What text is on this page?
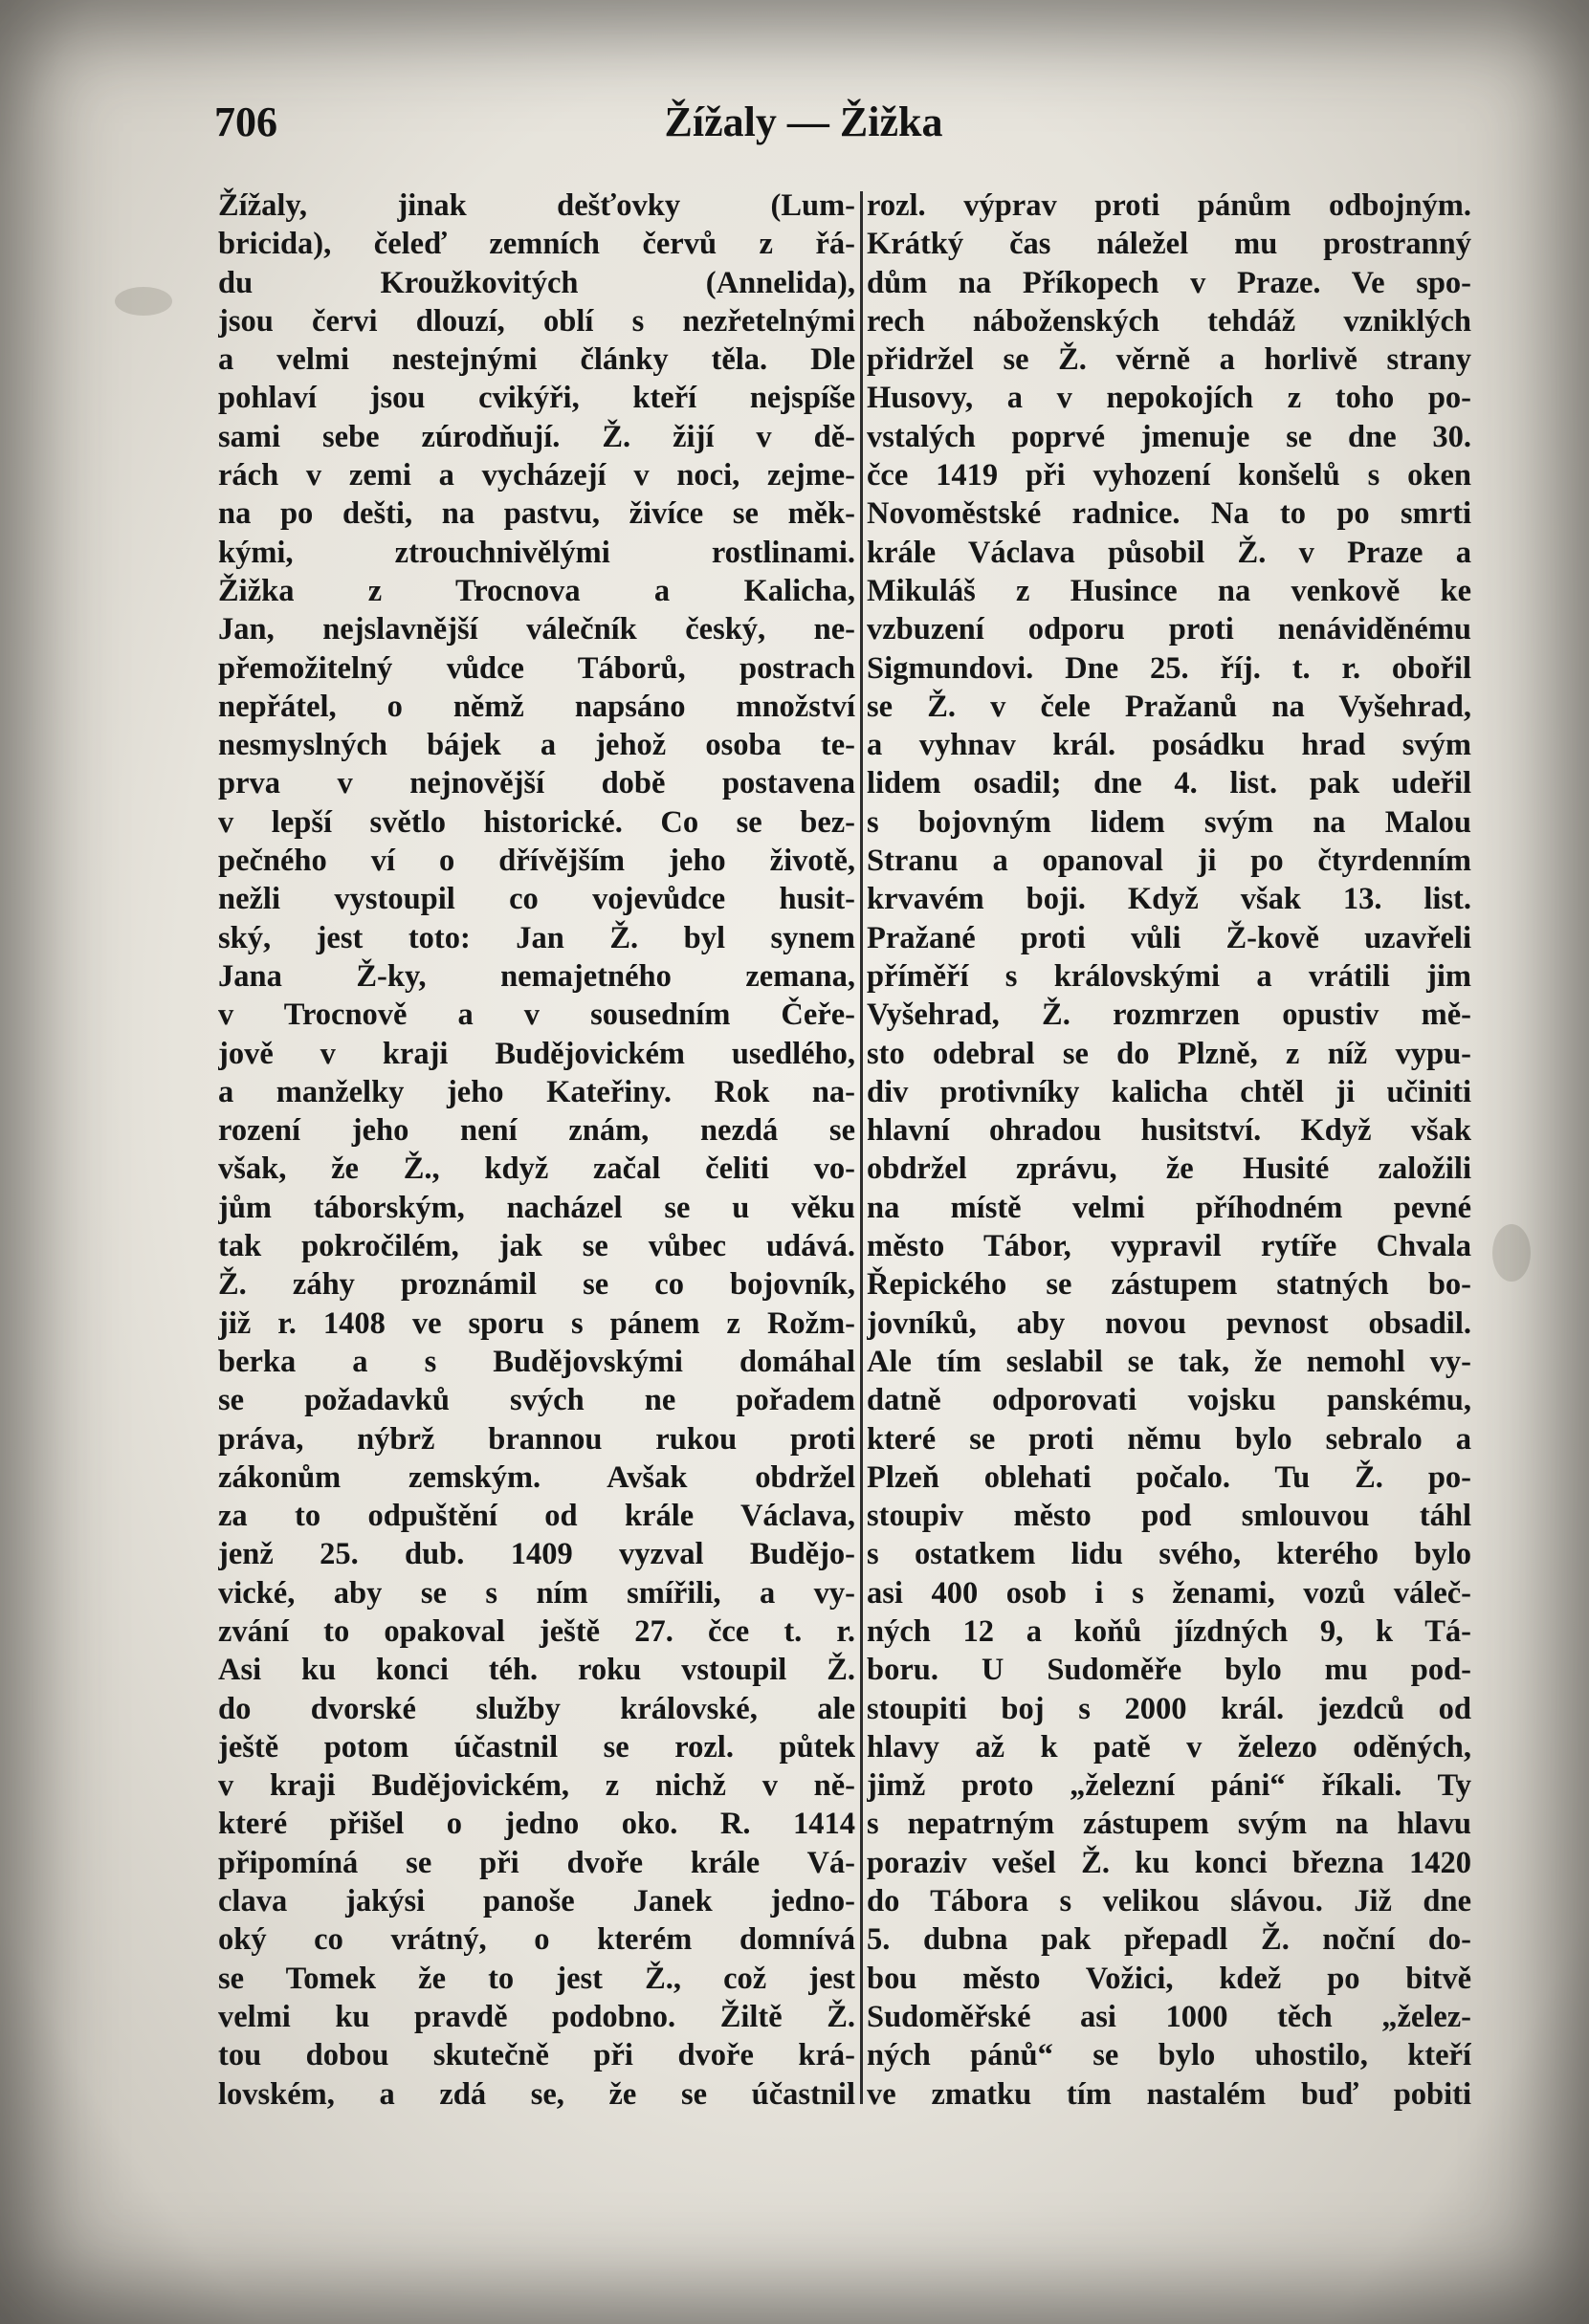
706	Žížaly — Žižka
Žížaly, jinak dešťovky (Lum-
bricida), čeleď zemních červů z řá-
du Kroužkovitých (Annelida),
jsou červi dlouzí, oblí s nezřetelnými
a velmi nestejnými články těla. Dle
pohlaví jsou cvikýři, kteří nejspíše
sami sebe zúrodňují. Ž. žijí v dě-
rách v zemi a vycházejí v noci, zejme-
na po dešti, na pastvu, živíce se měk-
kými, ztrouchnivělými rostlinami.
Žižka z Trocnova a Kalicha,
Jan, nejslavnější válečník český, ne-
přemožitelný vůdce Táborů, postrach
nepřátel, o němž napsáno množství
nesmyslných bájek a jehož osoba te-
prva v nejnovější době postavena
v lepší světlo historické. Co se bez-
pečného ví o dřívějším jeho životě,
nežli vystoupil co vojevůdce husit-
ský, jest toto: Jan Ž. byl synem
Jana Ž-ky, nemajetného zemana,
v Trocnově a v sousedním Čeře-
jově v kraji Budějovickém usedlého,
a manželky jeho Kateřiny. Rok na-
rození jeho není znám, nezdá se
však, že Ž., když začal čeliti vo-
jům táborským, nacházel se u věku
tak pokročilém, jak se vůbec udává.
Ž. záhy proznámil se co bojovník,
již r. 1408 ve sporu s pánem z Rožm-
berka a s Budějovskými domáhal
se požadavků svých ne pořadem
práva, nýbrž brannou rukou proti
zákonům zemským. Avšak obdržel
za to odpuštění od krále Václava,
jenž 25. dub. 1409 vyzval Budějo-
vické, aby se s ním smířili, a vy-
zvání to opakoval ještě 27. čce t. r.
Asi ku konci téh. roku vstoupil Ž.
do dvorské služby královské, ale
ještě potom účastnil se rozl. půtek
v kraji Budějovickém, z nichž v ně-
které přišel o jedno oko. R. 1414
připomíná se při dvoře krále Vá-
clava jakýsi panoše Janek jedno-
oký co vrátný, o kterém domnívá
se Tomek že to jest Ž., což jest
velmi ku pravdě podobno. Žiltě Ž.
tou dobou skutečně při dvoře krá-
lovském, a zdá se, že se účastnil
rozl. výprav proti pánům odbojným.
Krátký čas náležel mu prostranný
dům na Příkopech v Praze. Ve spo-
rech náboženských tehdáž vzniklých
přidržel se Ž. věrně a horlivě strany
Husovy, a v nepokojích z toho po-
vstalých poprvé jmenuje se dne 30.
čce 1419 při vyhození konšelů s oken
Novoměstské radnice. Na to po smrti
krále Václava působil Ž. v Praze a
Mikuláš z Husince na venkově ke
vzbuzení odporu proti nenáviděnému
Sigmundovi. Dne 25. říj. t. r. obořil
se Ž. v čele Pražanů na Vyšehrad,
a vyhnav král. posádku hrad svým
lidem osadil; dne 4. list. pak udeřil
s bojovným lidem svým na Malou
Stranu a opanoval ji po čtyrdenním
krvavém boji. Když však 13. list.
Pražané proti vůli Ž-kově uzavřeli
příměří s královskými a vrátili jim
Vyšehrad, Ž. rozmrzen opustiv mě-
sto odebral se do Plzně, z níž vypu-
div protivníky kalicha chtěl ji učiniti
hlavní ohradou husitství. Když však
obdržel zprávu, že Husité založili
na místě velmi příhodném pevné
město Tábor, vypravil rytíře Chvala
Řepického se zástupem statných bo-
jovníků, aby novou pevnost obsadil.
Ale tím seslabil se tak, že nemohl vy-
datně odporovati vojsku panskému,
které se proti němu bylo sebralo a
Plzeň oblehati počalo. Tu Ž. po-
stoupiv město pod smlouvou táhl
s ostatkem lidu svého, kterého bylo
asi 400 osob i s ženami, vozů váleč-
ných 12 a koňů jízdných 9, k Tá-
boru. U Sudoměře bylo mu pod-
stoupiti boj s 2000 král. jezdců od
hlavy až k patě v železo oděných,
jimž proto „železní páni“ říkali. Ty
s nepatrným zástupem svým na hlavu
poraziv vešel Ž. ku konci března 1420
do Tábora s velikou slávou. Již dne
5. dubna pak přepadl Ž. noční do-
bou město Vožici, kdež po bitvě
Sudoměřské asi 1000 těch „želez-
ných pánů“ se bylo uhostilo, kteří
ve zmatku tím nastalém buď pobiti
